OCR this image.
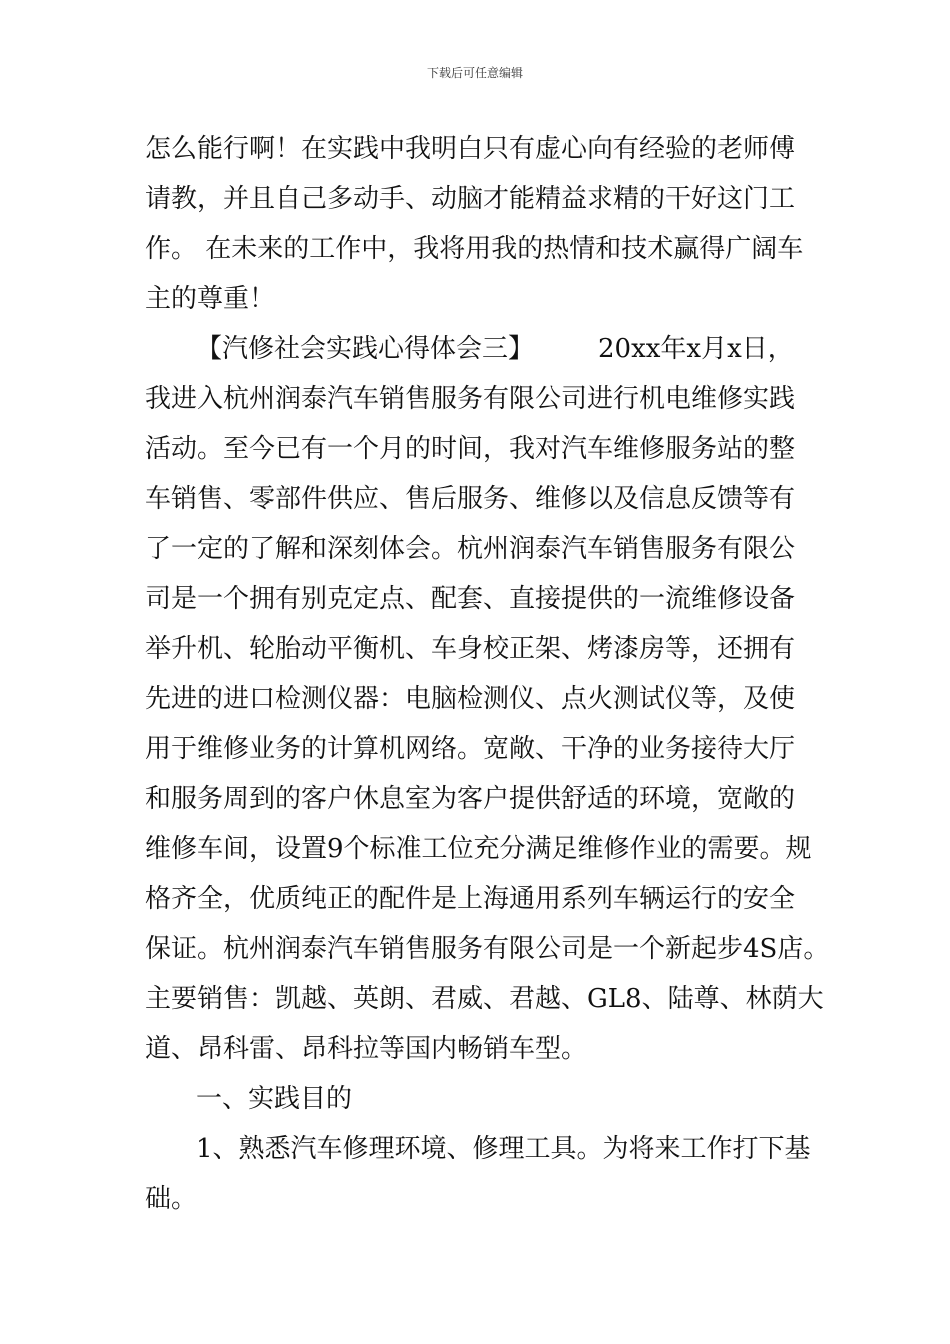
下载后可任意编辑
怎么能行啊！在实践中我明白只有虚心向有经验的老师傅
请教，并且自己多动手、动脑才能精益求精的干好这门工
作。 在未来的工作中，我将用我的热情和技术赢得广阔车
主的尊重！
【汽修社会实践心得体会三】 20xx年x月x日，
我进入杭州润泰汽车销售服务有限公司进行机电维修实践
活动。至今已有一个月的时间，我对汽车维修服务站的整
车销售、零部件供应、售后服务、维修以及信息反馈等有
了一定的了解和深刻体会。杭州润泰汽车销售服务有限公
司是一个拥有别克定点、配套、直接提供的一流维修设备
举升机、轮胎动平衡机、车身校正架、烤漆房等，还拥有
先进的进口检测仪器：电脑检测仪、点火测试仪等，及使
用于维修业务的计算机网络。宽敞、干净的业务接待大厅
和服务周到的客户休息室为客户提供舒适的环境，宽敞的
维修车间，设置9个标准工位充分满足维修作业的需要。规
格齐全，优质纯正的配件是上海通用系列车辆运行的安全
保证。杭州润泰汽车销售服务有限公司是一个新起步4S店。
主要销售：凯越、英朗、君威、君越、GL8、陆尊、林荫大
道、昂科雷、昂科拉等国内畅销车型。
一、实践目的
1、熟悉汽车修理环境、修理工具。为将来工作打下基
础。
